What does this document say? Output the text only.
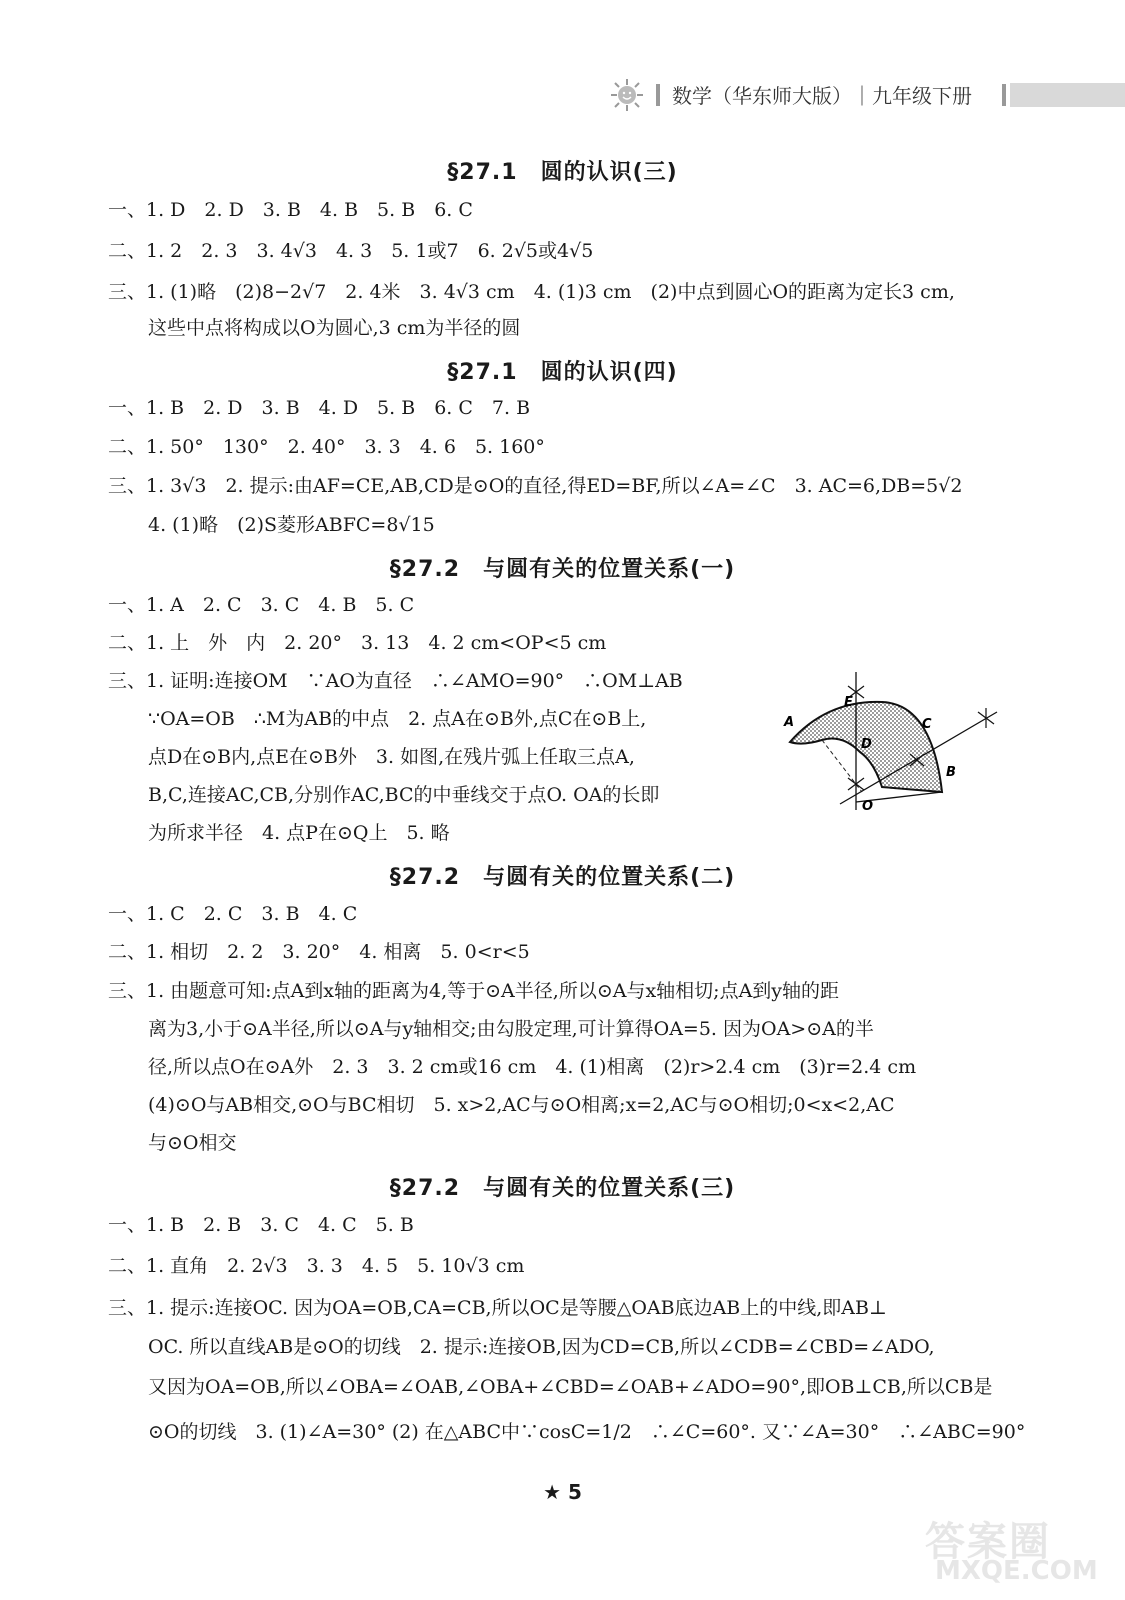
数学（华东师大版）｜九年级下册
§27.1　圆的认识(三)
一、1. D　2. D　3. B　4. B　5. B　6. C
二、1. 2　2. 3　3. 4√3　4. 3　5. 1或7　6. 2√5或4√5
三、1. (1)略　(2)8−2√7　2. 4米　3. 4√3 cm　4. (1)3 cm　(2)中点到圆心O的距离为定长3 cm,
这些中点将构成以O为圆心,3 cm为半径的圆
§27.1　圆的认识(四)
一、1. B　2. D　3. B　4. D　5. B　6. C　7. B
二、1. 50°　130°　2. 40°　3. 3　4. 6　5. 160°
三、1. 3√3　2. 提示:由AF=CE,AB,CD是⊙O的直径,得ED=BF,所以∠A=∠C　3. AC=6,DB=5√2
4. (1)略　(2)S菱形ABFC=8√15
§27.2　与圆有关的位置关系(一)
一、1. A　2. C　3. C　4. B　5. C
二、1. 上　外　内　2. 20°　3. 13　4. 2 cm<OP<5 cm
三、1. 证明:连接OM　∵AO为直径　∴∠AMO=90°　∴OM⊥AB
∵OA=OB　∴M为AB的中点　2. 点A在⊙B外,点C在⊙B上,
点D在⊙B内,点E在⊙B外　3. 如图,在残片弧上任取三点A,
B,C,连接AC,CB,分别作AC,BC的中垂线交于点O. OA的长即
为所求半径　4. 点P在⊙Q上　5. 略
E
A	C
D
B
O
§27.2　与圆有关的位置关系(二)
一、1. C　2. C　3. B　4. C
二、1. 相切　2. 2　3. 20°　4. 相离　5. 0<r<5
三、1. 由题意可知:点A到x轴的距离为4,等于⊙A半径,所以⊙A与x轴相切;点A到y轴的距
离为3,小于⊙A半径,所以⊙A与y轴相交;由勾股定理,可计算得OA=5. 因为OA>⊙A的半
径,所以点O在⊙A外　2. 3　3. 2 cm或16 cm　4. (1)相离　(2)r>2.4 cm　(3)r=2.4 cm
(4)⊙O与AB相交,⊙O与BC相切　5. x>2,AC与⊙O相离;x=2,AC与⊙O相切;0<x<2,AC
与⊙O相交
§27.2　与圆有关的位置关系(三)
一、1. B　2. B　3. C　4. C　5. B
二、1. 直角　2. 2√3　3. 3　4. 5　5. 10√3 cm
三、1. 提示:连接OC. 因为OA=OB,CA=CB,所以OC是等腰△OAB底边AB上的中线,即AB⊥
OC. 所以直线AB是⊙O的切线　2. 提示:连接OB,因为CD=CB,所以∠CDB=∠CBD=∠ADO,
又因为OA=OB,所以∠OBA=∠OAB,∠OBA+∠CBD=∠OAB+∠ADO=90°,即OB⊥CB,所以CB是
⊙O的切线　3. (1)∠A=30° (2) 在△ABC中∵cosC=1/2　∴∠C=60°. 又∵∠A=30°　∴∠ABC=90°
★ 5
答案圈
MXQE.COM
